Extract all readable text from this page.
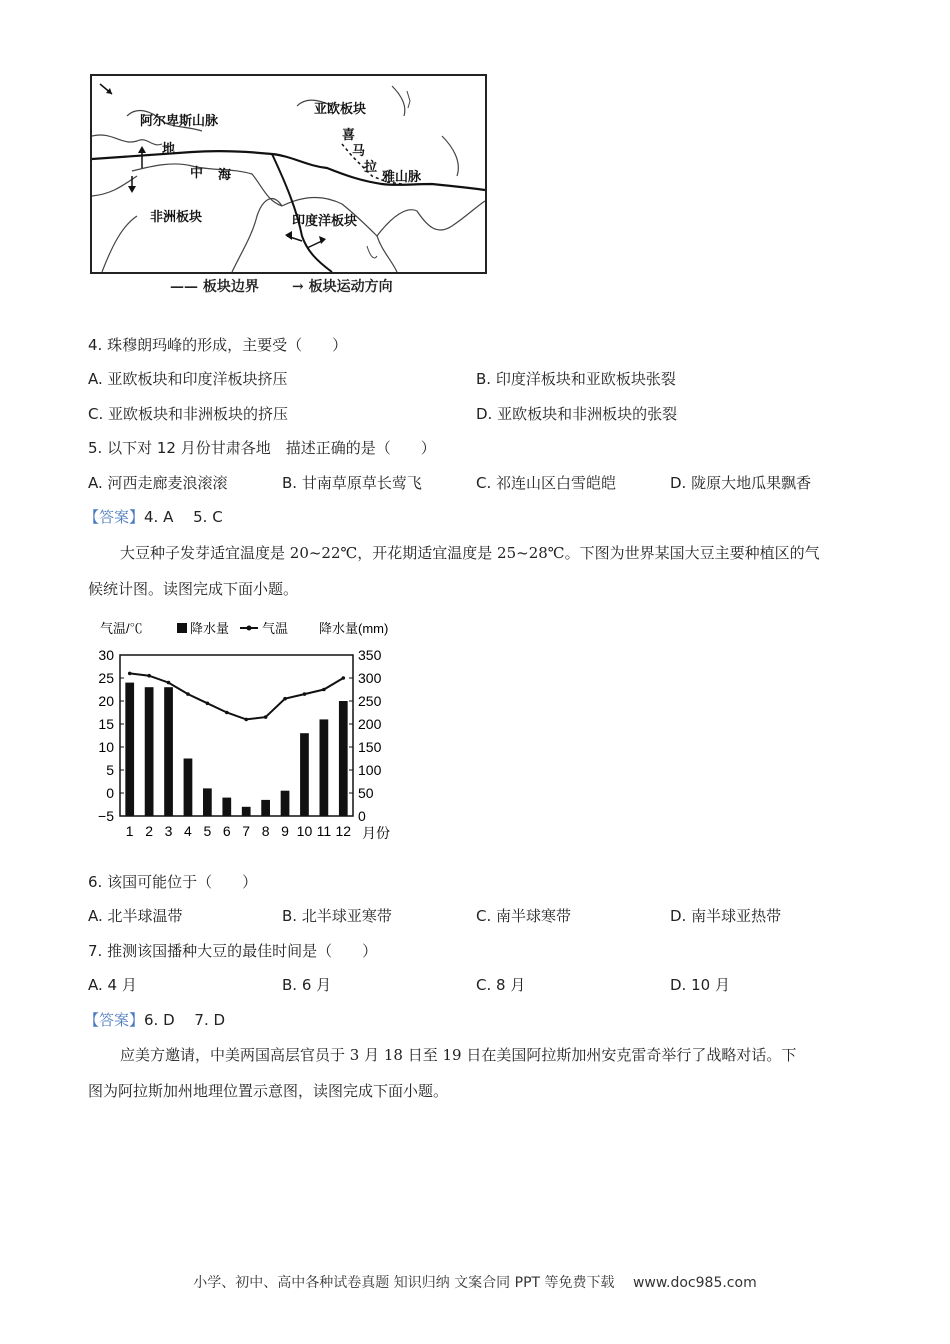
亚欧板块
阿尔卑斯山脉
地
中 海
非洲板块	印度洋板块
喜
马
拉
雅山脉
—— 板块边界 → 板块运动方向
4. 珠穆朗玛峰的形成，主要受（　　）
A. 亚欧板块和印度洋板块挤压	B. 印度洋板块和亚欧板块张裂
C. 亚欧板块和非洲板块的挤压	D. 亚欧板块和非洲板块的张裂
5. 以下对 12 月份甘肃各地　描述正确的是（　　）
A. 河西走廊麦浪滚滚	B. 甘南草原草长莺飞	C. 祁连山区白雪皑皑	D. 陇原大地瓜果飘香
【答案】4. A　 5. C
大豆种子发芽适宜温度是 20~22℃，开花期适宜温度是 25~28℃。下图为世界某国大豆主要种植区的气
候统计图。读图完成下面小题。
气温/℃	降水量	气温 降水量(mm)
30
25
20
15
10
5
0
−5
350
300
250
200
150
100
50
0
1 2 3 4 5 6 7 8 9 10 11 12 月份
6. 该国可能位于（　　）
A. 北半球温带	B. 北半球亚寒带	C. 南半球寒带	D. 南半球亚热带
7. 推测该国播种大豆的最佳时间是（　　）
A. 4 月	B. 6 月	C. 8 月	D. 10 月
【答案】6. D　 7. D
应美方邀请，中美两国高层官员于 3 月 18 日至 19 日在美国阿拉斯加州安克雷奇举行了战略对话。下
图为阿拉斯加州地理位置示意图，读图完成下面小题。
小学、初中、高中各种试卷真题 知识归纳 文案合同 PPT 等免费下载　 www.doc985.com
